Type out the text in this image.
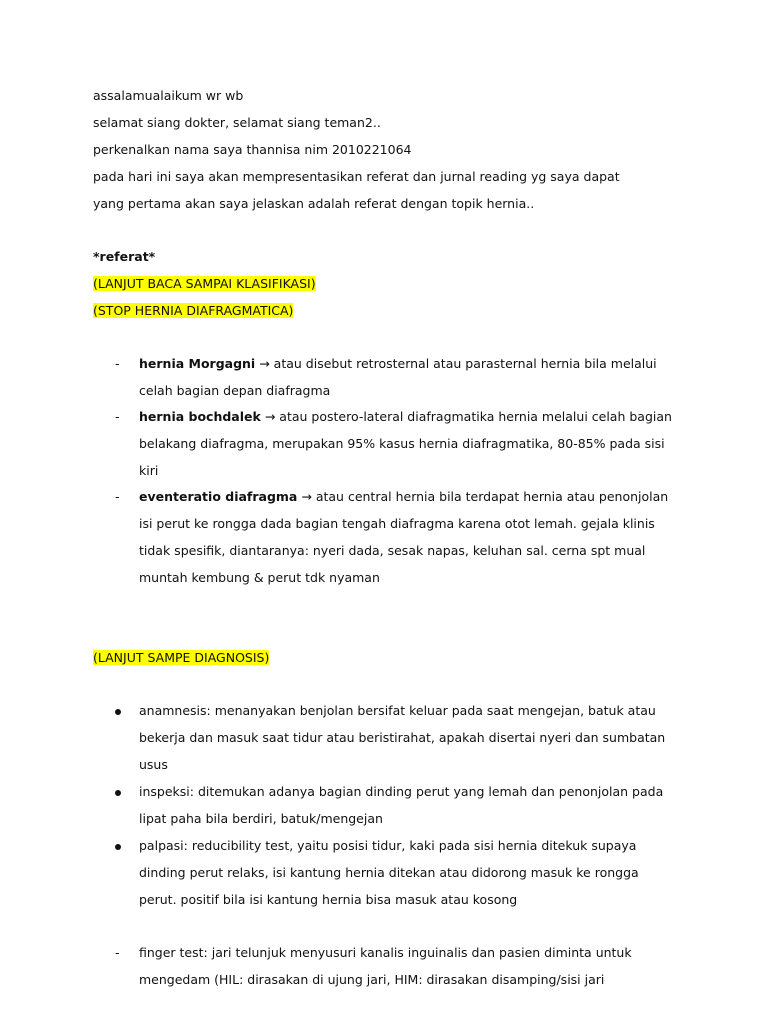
assalamualaikum wr wb
selamat siang dokter, selamat siang teman2..
perkenalkan nama saya thannisa nim 2010221064
pada hari ini saya akan mempresentasikan referat dan jurnal reading yg saya dapat
yang pertama akan saya jelaskan adalah referat dengan topik hernia..
*referat*
(LANJUT BACA SAMPAI KLASIFIKASI)
(STOP HERNIA DIAFRAGMATICA)
- hernia Morgagni → atau disebut retrosternal atau parasternal hernia bila melalui
celah bagian depan diafragma
- hernia bochdalek → atau postero-lateral diafragmatika hernia melalui celah bagian
belakang diafragma, merupakan 95% kasus hernia diafragmatika, 80-85% pada sisi
kiri
- eventeratio diafragma → atau central hernia bila terdapat hernia atau penonjolan
isi perut ke rongga dada bagian tengah diafragma karena otot lemah. gejala klinis
tidak spesifik, diantaranya: nyeri dada, sesak napas, keluhan sal. cerna spt mual
muntah kembung & perut tdk nyaman
(LANJUT SAMPE DIAGNOSIS)
anamnesis: menanyakan benjolan bersifat keluar pada saat mengejan, batuk atau
bekerja dan masuk saat tidur atau beristirahat, apakah disertai nyeri dan sumbatan
usus
inspeksi: ditemukan adanya bagian dinding perut yang lemah dan penonjolan pada
lipat paha bila berdiri, batuk/mengejan
palpasi: reducibility test, yaitu posisi tidur, kaki pada sisi hernia ditekuk supaya
dinding perut relaks, isi kantung hernia ditekan atau didorong masuk ke rongga
perut. positif bila isi kantung hernia bisa masuk atau kosong
- finger test: jari telunjuk menyusuri kanalis inguinalis dan pasien diminta untuk
mengedam (HIL: dirasakan di ujung jari, HIM: dirasakan disamping/sisi jari
